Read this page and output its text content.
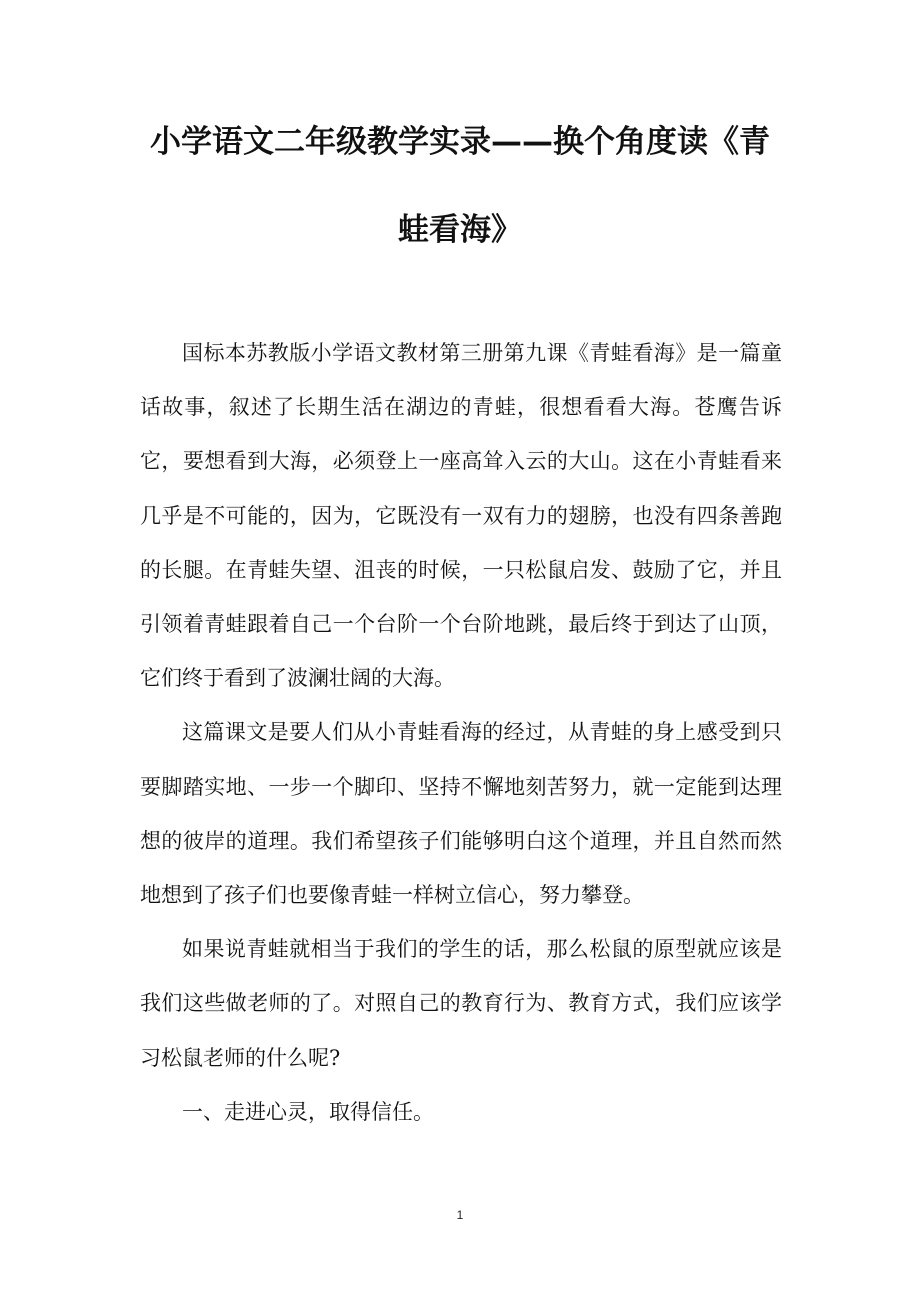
小学语文二年级教学实录——换个角度读《青蛙看海》

国标本苏教版小学语文教材第三册第九课《青蛙看海》是一篇童话故事，叙述了长期生活在湖边的青蛙，很想看看大海。苍鹰告诉它，要想看到大海，必须登上一座高耸入云的大山。这在小青蛙看来几乎是不可能的，因为，它既没有一双有力的翅膀，也没有四条善跑的长腿。在青蛙失望、沮丧的时候，一只松鼠启发、鼓励了它，并且引领着青蛙跟着自己一个台阶一个台阶地跳，最后终于到达了山顶，它们终于看到了波澜壮阔的大海。

这篇课文是要人们从小青蛙看海的经过，从青蛙的身上感受到只要脚踏实地、一步一个脚印、坚持不懈地刻苦努力，就一定能到达理想的彼岸的道理。我们希望孩子们能够明白这个道理，并且自然而然地想到了孩子们也要像青蛙一样树立信心，努力攀登。

如果说青蛙就相当于我们的学生的话，那么松鼠的原型就应该是我们这些做老师的了。对照自己的教育行为、教育方式，我们应该学习松鼠老师的什么呢?

一、走进心灵，取得信任。

1
